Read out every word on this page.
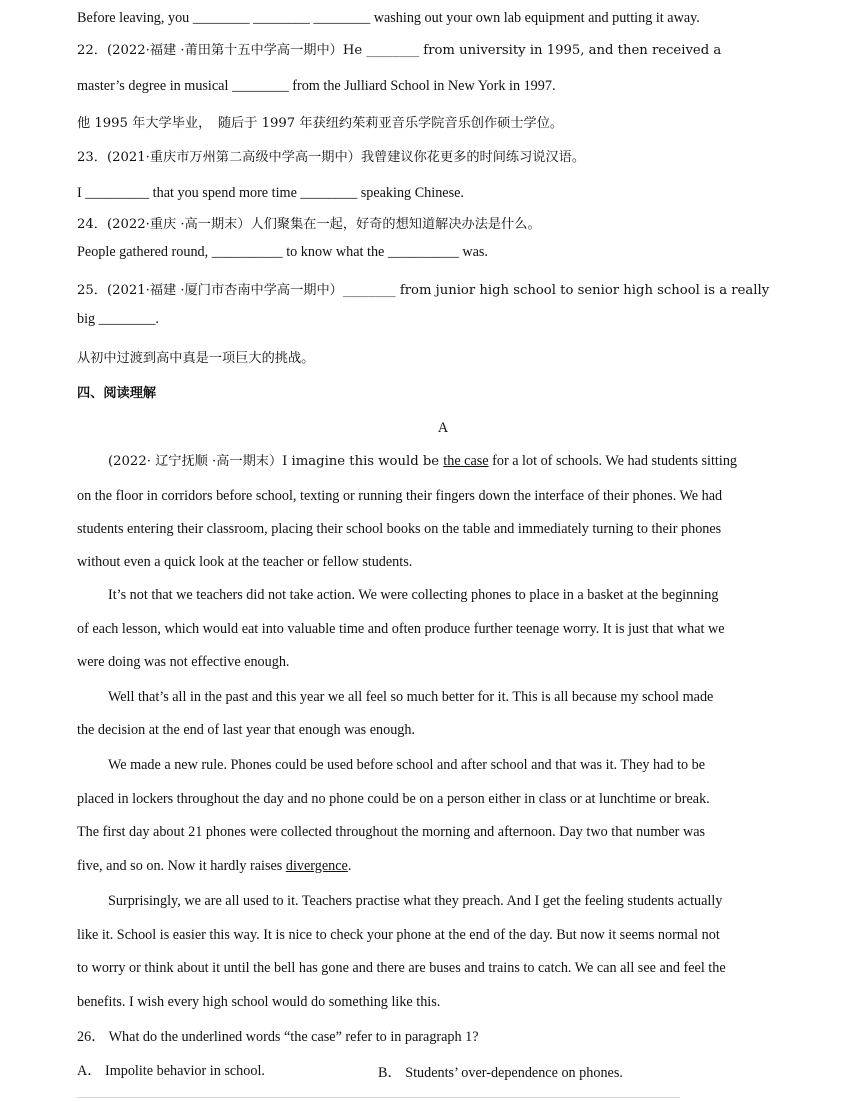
Before leaving, you ________ ________ ________ washing out your own lab equipment and putting it away.
22．(2022·福建 ·莆田第十五中学高一期中）He ________ from university in 1995, and then received a
master’s degree in musical ________ from the Julliard School in New York in 1997.
他 1995 年大学毕业，　随后于 1997 年获纽约茱莉亚音乐学院音乐创作硕士学位。
23．(2021·重庆市万州第二高级中学高一期中）我曾建议你花更多的时间练习说汉语。
I _________ that you spend more time ________ speaking Chinese.
24．(2022·重庆 ·高一期末）人们聚集在一起，好奇的想知道解决办法是什么。
People gathered round, __________ to know what the __________ was.
25．(2021·福建 ·厦门市杏南中学高一期中）________ from junior high school to senior high school is a really
big ________.
从初中过渡到高中真是一项巨大的挑战。
四、阅读理解
A
(2022· 辽宁抚顺 ·高一期末）I imagine this would be the case for a lot of schools. We had students sitting
on the floor in corridors before school, texting or running their fingers down the interface of their phones. We had
students entering their classroom, placing their school books on the table and immediately turning to their phones
without even a quick look at the teacher or fellow students.
It’s not that we teachers did not take action. We were collecting phones to place in a basket at the beginning
of each lesson, which would eat into valuable time and often produce further teenage worry. It is just that what we
were doing was not effective enough.
Well that’s all in the past and this year we all feel so much better for it. This is all because my school made
the decision at the end of last year that enough was enough.
We made a new rule. Phones could be used before school and after school and that was it. They had to be
placed in lockers throughout the day and no phone could be on a person either in class or at lunchtime or break.
The first day about 21 phones were collected throughout the morning and afternoon. Day two that number was
five, and so on. Now it hardly raises divergence.
Surprisingly, we are all used to it. Teachers practise what they preach. And I get the feeling students actually
like it. School is easier this way. It is nice to check your phone at the end of the day. But now it seems normal not
to worry or think about it until the bell has gone and there are buses and trains to catch. We can all see and feel the
benefits. I wish every high school would do something like this.
26． What do the underlined words “the case” refer to in paragraph 1?
A． Impolite behavior in school.	B． Students’ over-dependence on phones.
